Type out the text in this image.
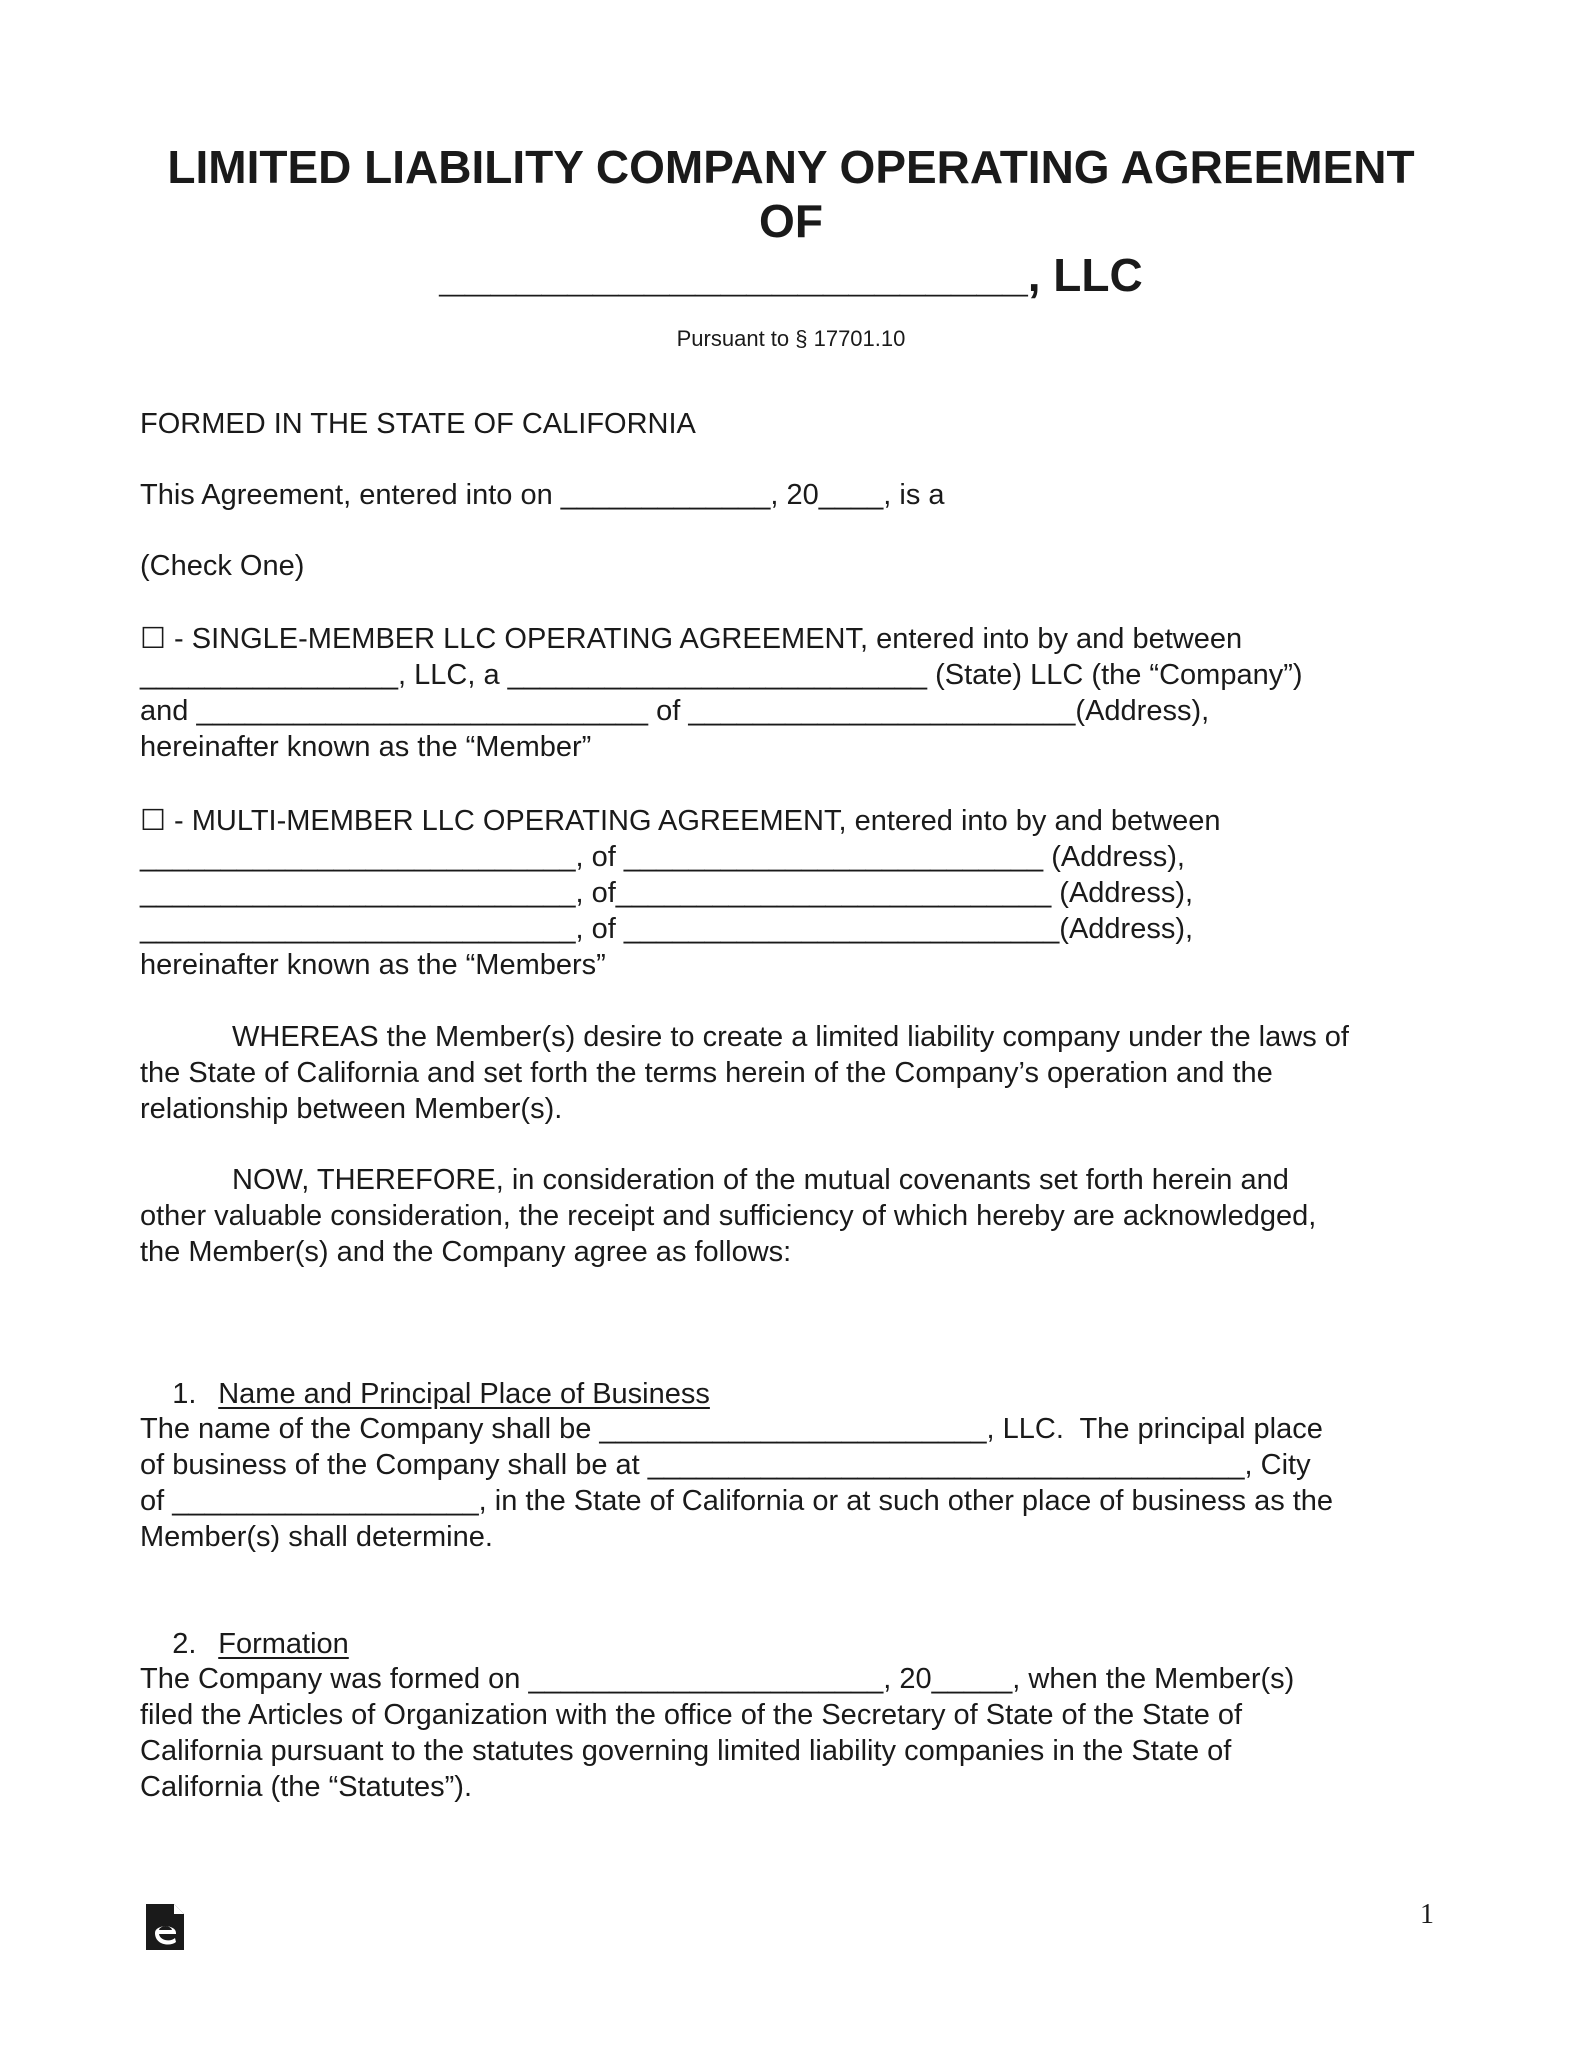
LIMITED LIABILITY COMPANY OPERATING AGREEMENT
OF
_______________________, LLC
Pursuant to § 17701.10
FORMED IN THE STATE OF CALIFORNIA
This Agreement, entered into on _____________, 20____, is a
(Check One)
☐ - SINGLE-MEMBER LLC OPERATING AGREEMENT, entered into by and between
________________, LLC, a __________________________ (State) LLC (the “Company”)
and ____________________________ of ________________________(Address),
hereinafter known as the “Member”
☐ - MULTI-MEMBER LLC OPERATING AGREEMENT, entered into by and between
___________________________, of __________________________ (Address),
___________________________, of___________________________ (Address),
___________________________, of ___________________________(Address),
hereinafter known as the “Members”
WHEREAS the Member(s) desire to create a limited liability company under the laws of
the State of California and set forth the terms herein of the Company’s operation and the
relationship between Member(s).
NOW, THEREFORE, in consideration of the mutual covenants set forth herein and
other valuable consideration, the receipt and sufficiency of which hereby are acknowledged,
the Member(s) and the Company agree as follows:

1. Name and Principal Place of Business

The name of the Company shall be ________________________, LLC.  The principal place
of business of the Company shall be at _____________________________________, City
of ___________________, in the State of California or at such other place of business as the
Member(s) shall determine.

2. Formation

The Company was formed on ______________________, 20_____, when the Member(s)
filed the Articles of Organization with the office of the Secretary of State of the State of
California pursuant to the statutes governing limited liability companies in the State of
California (the “Statutes”).
1
